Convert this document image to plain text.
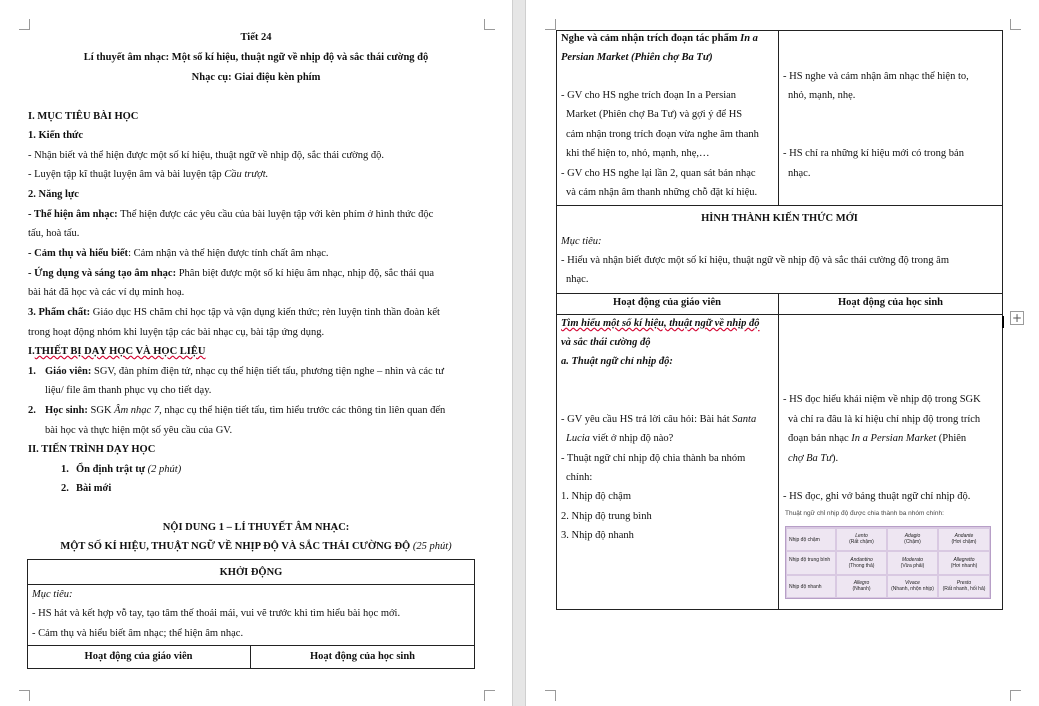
Tiết 24
Lí thuyết âm nhạc: Một số kí hiệu, thuật ngữ về nhịp độ và sắc thái cường độ
Nhạc cụ: Giai điệu kèn phím
I. MỤC TIÊU BÀI HỌC
1. Kiến thức
- Nhận biết và thể hiện được một số kí hiệu, thuật ngữ về nhịp độ, sắc thái cường độ.
- Luyện tập kĩ thuật luyện âm và bài luyện tập Cầu trượt.
2. Năng lực
- Thể hiện âm nhạc: Thể hiện được các yêu cầu của bài luyện tập với kèn phím ở hình thức độc
tấu, hoà tấu.
- Cảm thụ và hiểu biết: Cảm nhận và thể hiện được tính chất âm nhạc.
- Ứng dụng và sáng tạo âm nhạc: Phân biệt được một số kí hiệu âm nhạc, nhịp độ, sắc thái qua
bài hát đã học và các ví dụ minh hoạ.
3. Phẩm chất: Giáo dục HS chăm chỉ học tập và vận dụng kiến thức; rèn luyện tinh thần đoàn kết
trong hoạt động nhóm khi luyện tập các bài nhạc cụ, bài tập ứng dụng.
I.THIẾT BỊ DẠY HỌC VÀ HỌC LIỆU
1. Giáo viên: SGV, đàn phím điện tử, nhạc cụ thể hiện tiết tấu, phương tiện nghe – nhìn và các tư
liệu/ file âm thanh phục vụ cho tiết dạy.
2. Học sinh: SGK Âm nhạc 7, nhạc cụ thể hiện tiết tấu, tìm hiểu trước các thông tin liên quan đến
bài học và thực hiện một số yêu cầu của GV.
II. TIẾN TRÌNH DẠY HỌC
1. Ổn định trật tự (2 phút)
2. Bài mới
NỘI DUNG 1 – LÍ THUYẾT ÂM NHẠC:
MỘT SỐ KÍ HIỆU, THUẬT NGỮ VỀ NHỊP ĐỘ VÀ SẮC THÁI CƯỜNG ĐỘ (25 phút)
KHỞI ĐỘNG
Mục tiêu:
- HS hát và kết hợp vỗ tay, tạo tâm thế thoải mái, vui vẽ trước khi tìm hiểu bài học mới.
- Cảm thụ và hiểu biết âm nhạc; thể hiện âm nhạc.
Hoạt động của giáo viên	Hoạt động của học sinh
Nghe và cảm nhận trích đoạn tác phẩm In a
Persian Market (Phiên chợ Ba Tư)
- GV cho HS nghe trích đoạn In a Persian
Market (Phiên chợ Ba Tư) và gợi ý để HS
cảm nhận trong trích đoạn vừa nghe âm thanh
khi thể hiện to, nhỏ, mạnh, nhẹ,…
- GV cho HS nghe lại lần 2, quan sát bản nhạc
và cảm nhận âm thanh những chỗ đặt kí hiệu.
- HS nghe và cảm nhận âm nhạc thể hiện to,
nhỏ, mạnh, nhẹ.
- HS chỉ ra những kí hiệu mới có trong bản
nhạc.
HÌNH THÀNH KIẾN THỨC MỚI
Mục tiêu:
- Hiểu và nhận biết được một số kí hiệu, thuật ngữ về nhịp độ và sắc thái cường độ trong âm
nhạc.
Hoạt động của giáo viên	Hoạt động của học sinh
Tìm hiểu một số kí hiệu, thuật ngữ về nhịp độ
và sắc thái cường độ
a. Thuật ngữ chỉ nhịp độ:
- GV yêu cầu HS trả lời câu hỏi: Bài hát Santa
Lucia viết ở nhịp độ nào?
- Thuật ngữ chỉ nhịp độ chia thành ba nhóm
chính:
1. Nhịp độ chậm
2. Nhịp độ trung bình
3. Nhịp độ nhanh
- HS đọc hiểu khái niệm về nhịp độ trong SGK
và chỉ ra đâu là kí hiệu chỉ nhịp độ trong trích
đoạn bản nhạc In a Persian Market (Phiên
chợ Ba Tư).
- HS đọc, ghi vở bảng thuật ngữ chỉ nhịp độ.
Thuật ngữ chỉ nhịp độ được chia thành ba nhóm chính:
Nhịp độ chậm
Nhịp độ trung bình
Nhịp độ nhanh
Lento
(Rất chậm)
Adagio
(Chậm)
Andante
(Hơi chậm)
Andantino
(Thong thả)
Moderato
(Vừa phải)
Allegretto
(Hơi nhanh)
Allegro
(Nhanh)
Vivace
(Nhanh, nhộn nhịp)
Presto
(Rất nhanh, hối hả)
+
